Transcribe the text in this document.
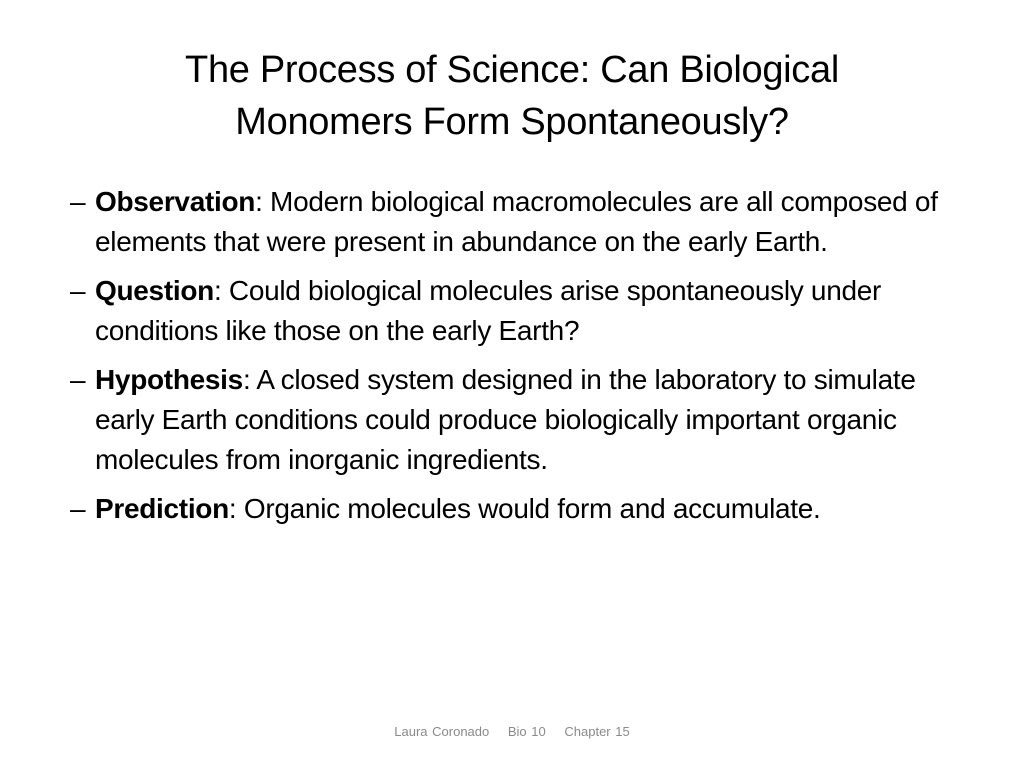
The Process of Science: Can Biological
Monomers Form Spontaneously?
– Observation: Modern biological macromolecules are all composed of elements that were present in abundance on the early Earth.
– Question: Could biological molecules arise spontaneously under conditions like those on the early Earth?
– Hypothesis: A closed system designed in the laboratory to simulate early Earth conditions could produce biologically important organic molecules from inorganic ingredients.
– Prediction: Organic molecules would form and accumulate.
Laura Coronado Bio 10 Chapter 15
